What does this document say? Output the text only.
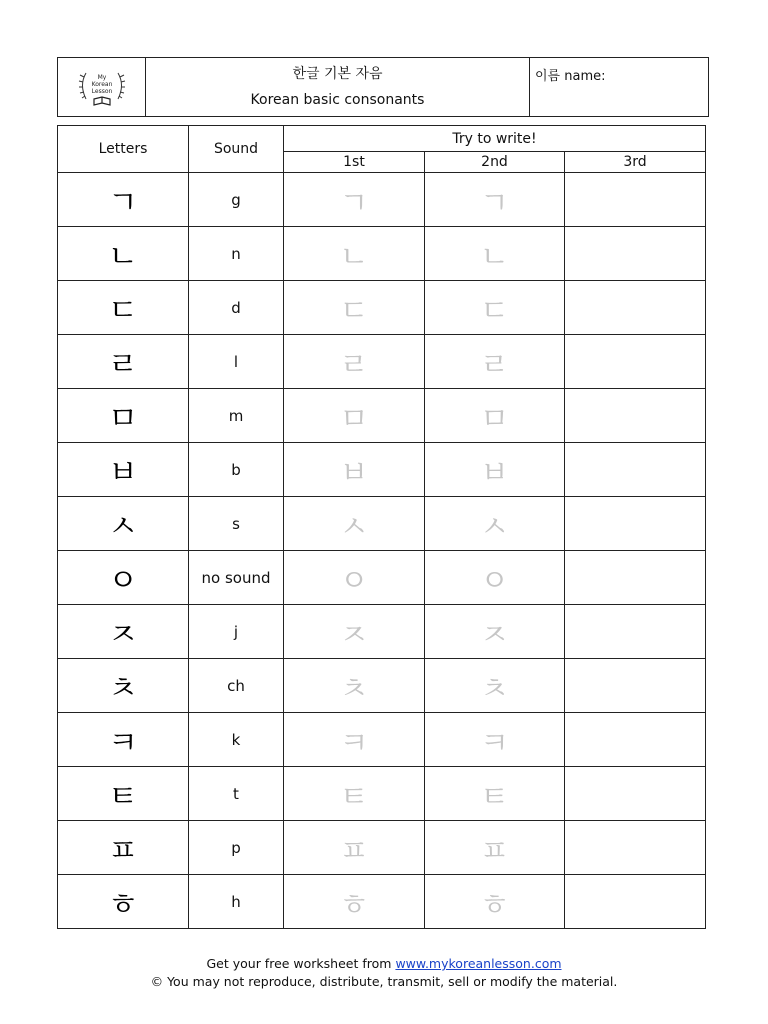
My
Korean
Lesson
한글 기본 자음
Korean basic consonants
이름 name:
Letters	Sound	Try to write!		
		1st	2nd	3rd
ㄱ	g	ㄱ	ㄱ	
ㄴ	n	ㄴ	ㄴ	
ㄷ	d	ㄷ	ㄷ	
ㄹ	l	ㄹ	ㄹ	
ㅁ	m	ㅁ	ㅁ	
ㅂ	b	ㅂ	ㅂ	
ㅅ	s	ㅅ	ㅅ	
ㅇ	no sound	ㅇ	ㅇ	
ㅈ	j	ㅈ	ㅈ	
ㅊ	ch	ㅊ	ㅊ	
ㅋ	k	ㅋ	ㅋ	
ㅌ	t	ㅌ	ㅌ	
ㅍ	p	ㅍ	ㅍ	
ㅎ	h	ㅎ	ㅎ	
Get your free worksheet from www.mykoreanlesson.com
© You may not reproduce, distribute, transmit, sell or modify the material.
